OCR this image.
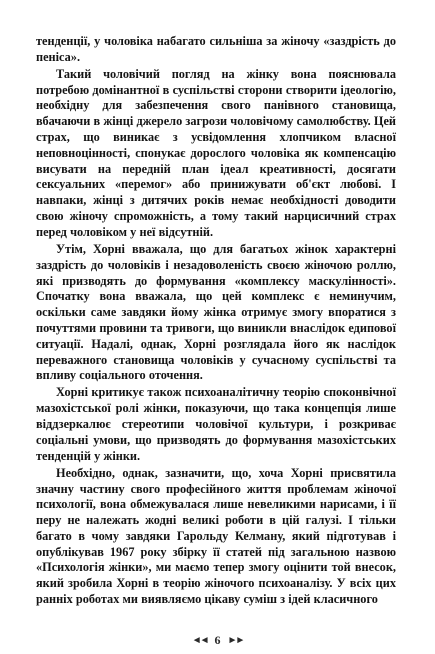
тенденції, у чоловіка набагато сильніша за жіночу «заздрість до пеніса».

Такий чоловічий погляд на жінку вона пояснювала потребою домінантної в суспільстві сторони створити ідеологію, необхідну для забезпечення свого панівного становища, вбачаючи в жінці джерело загрози чоловічому самолюбству. Цей страх, що виникає з усвідомлення хлопчиком власної неповноцінності, спонукає дорослого чоловіка як компенсацію висувати на передній план ідеал креативності, досягати сексуальних «перемог» або принижувати об'єкт любові. І навпаки, жінці з дитячих років немає необхідності доводити свою жіночу спроможність, а тому такий нарцисичний страх перед чоловіком у неї відсутній.

Утім, Хорні вважала, що для багатьох жінок характерні заздрість до чоловіків і незадоволеність своєю жіночою роллю, які призводять до формування «комплексу маскулінності». Спочатку вона вважала, що цей комплекс є неминучим, оскільки саме завдяки йому жінка отримує змогу впоратися з почуттями провини та тривоги, що виникли внаслідок едипової ситуації. Надалі, однак, Хорні розглядала його як наслідок переважного становища чоловіків у сучасному суспільстві та впливу соціального оточення.

Хорні критикує також психоаналітичну теорію споконвічної мазохістської ролі жінки, показуючи, що така концепція лише віддзеркалює стереотипи чоловічої культури, і розкриває соціальні умови, що призводять до формування мазохістських тенденцій у жінки.

Необхідно, однак, зазначити, що, хоча Хорні присвятила значну частину свого професійного життя проблемам жіночої психології, вона обмежувалася лише невеликими нарисами, і її перу не належать жодні великі роботи в цій галузі. І тільки багато в чому завдяки Гарольду Келману, який підготував і опублікував 1967 року збірку її статей під загальною назвою «Психологія жінки», ми маємо тепер змогу оцінити той внесок, який зробила Хорні в теорію жіночого психоаналізу. У всіх цих ранніх роботах ми виявляємо цікаву суміш з ідей класичного

◄◄ 6 ►►
